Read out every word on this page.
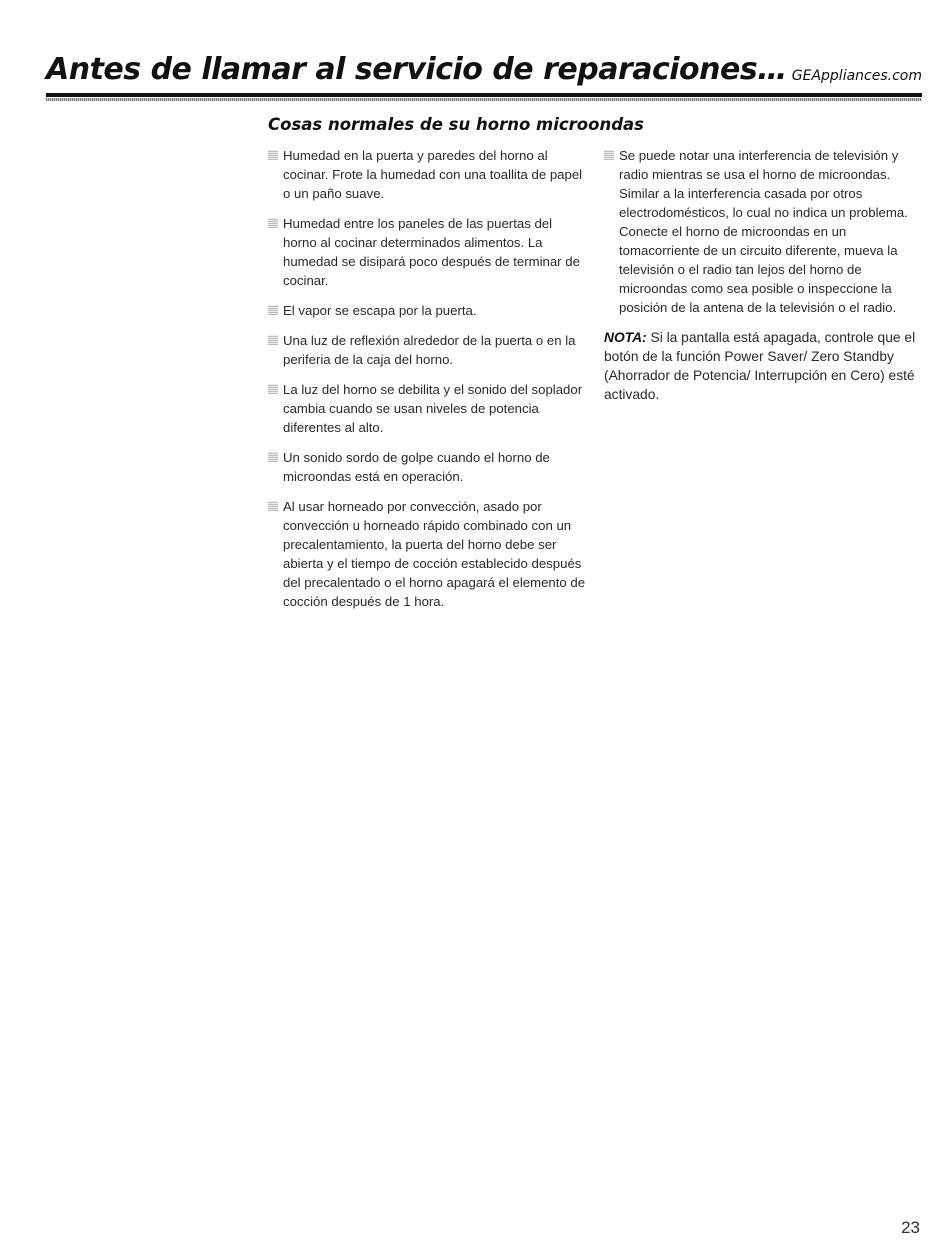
Antes de llamar al servicio de reparaciones… GEAppliances.com
Cosas normales de su horno microondas
Humedad en la puerta y paredes del horno al cocinar. Frote la humedad con una toallita de papel o un paño suave.
Humedad entre los paneles de las puertas del horno al cocinar determinados alimentos. La humedad se disipará poco después de terminar de cocinar.
El vapor se escapa por la puerta.
Una luz de reflexión alrededor de la puerta o en la periferia de la caja del horno.
La luz del horno se debilita y el sonido del soplador cambia cuando se usan niveles de potencia diferentes al alto.
Un sonido sordo de golpe cuando el horno de microondas está en operación.
Al usar horneado por convección, asado por convección u horneado rápido combinado con un precalentamiento, la puerta del horno debe ser abierta y el tiempo de cocción establecido después del precalentado o el horno apagará el elemento de cocción después de 1 hora.
Se puede notar una interferencia de televisión y radio mientras se usa el horno de microondas. Similar a la interferencia casada por otros electrodomésticos, lo cual no indica un problema. Conecte el horno de microondas en un tomacorriente de un circuito diferente, mueva la televisión o el radio tan lejos del horno de microondas como sea posible o inspeccione la posición de la antena de la televisión o el radio.
NOTA: Si la pantalla está apagada, controle que el botón de la función Power Saver/ Zero Standby (Ahorrador de Potencia/ Interrupción en Cero) esté activado.
23
